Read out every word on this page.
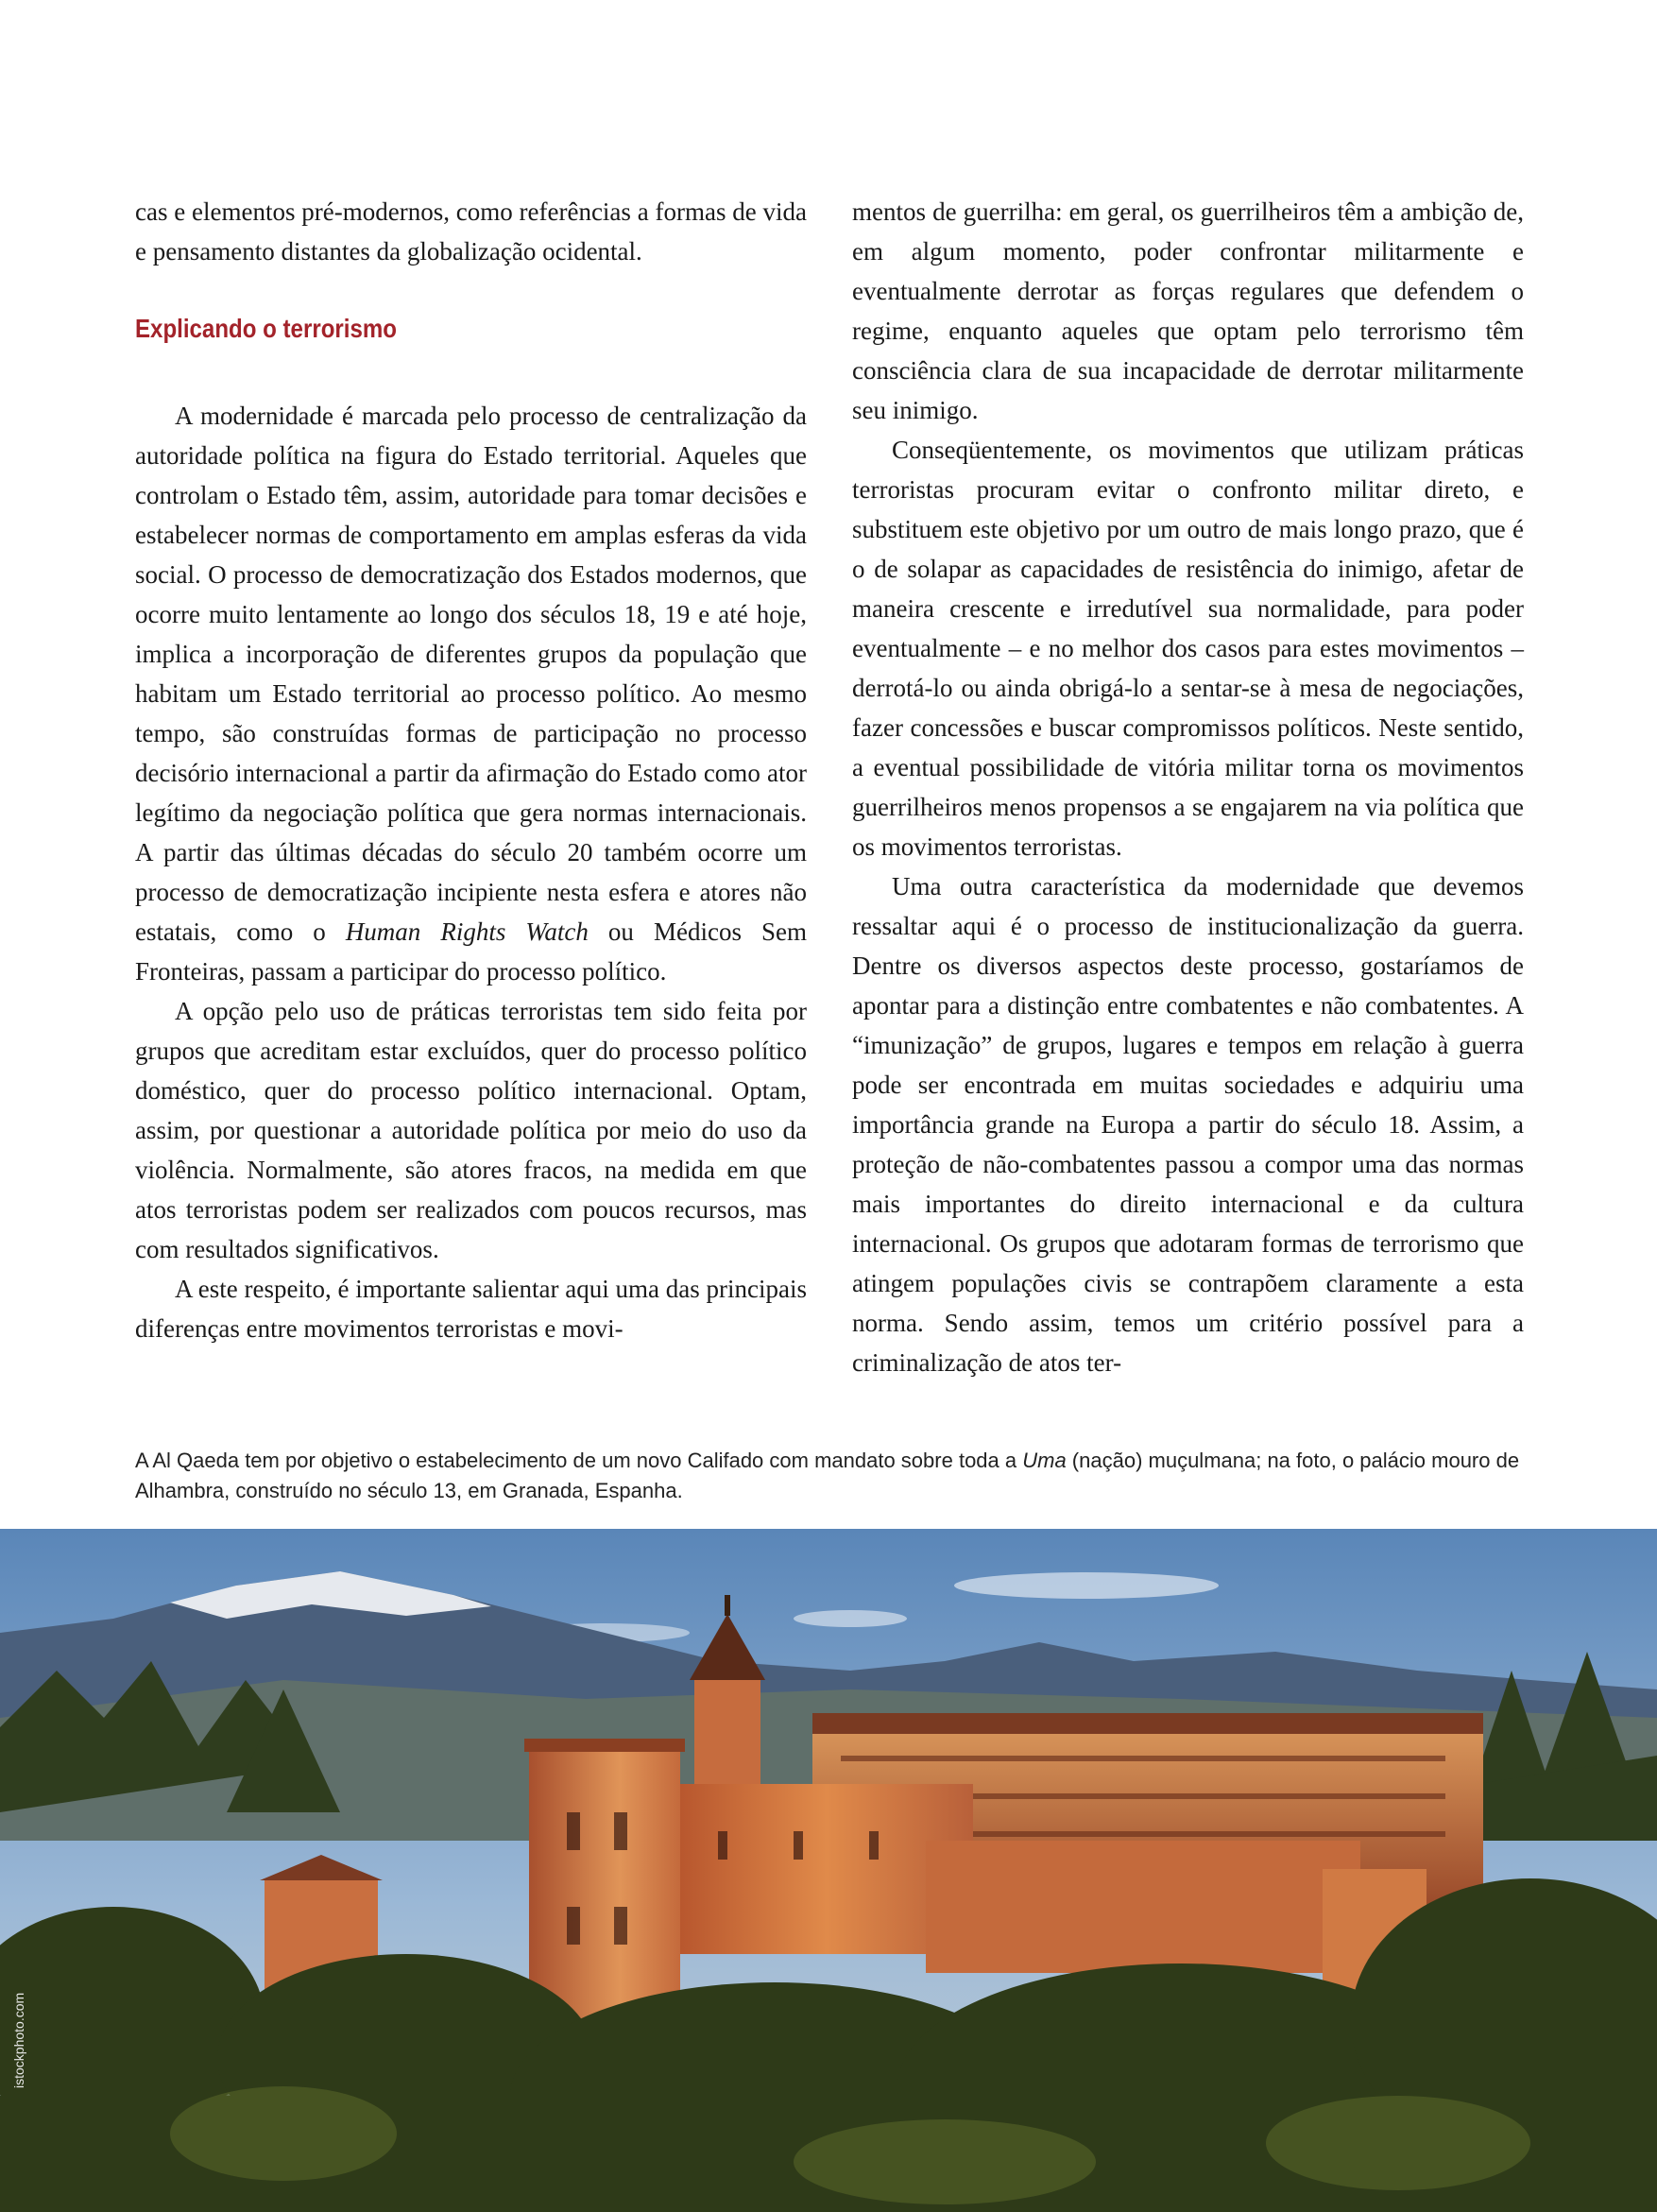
cas e elementos pré-modernos, como referências a formas de vida e pensamento distantes da globalização ocidental.

Explicando o terrorismo

A modernidade é marcada pelo processo de centralização da autoridade política na figura do Estado territorial. Aqueles que controlam o Estado têm, assim, autoridade para tomar decisões e estabelecer normas de comportamento em amplas esferas da vida social. O processo de democratização dos Estados modernos, que ocorre muito lentamente ao longo dos séculos 18, 19 e até hoje, implica a incorporação de diferentes grupos da população que habitam um Estado territorial ao processo político. Ao mesmo tempo, são construídas formas de participação no processo decisório internacional a partir da afirmação do Estado como ator legítimo da negociação política que gera normas internacionais. A partir das últimas décadas do século 20 também ocorre um processo de democratização incipiente nesta esfera e atores não estatais, como o Human Rights Watch ou Médicos Sem Fronteiras, passam a participar do processo político.

A opção pelo uso de práticas terroristas tem sido feita por grupos que acreditam estar excluídos, quer do processo político doméstico, quer do processo político internacional. Optam, assim, por questionar a autoridade política por meio do uso da violência. Normalmente, são atores fracos, na medida em que atos terroristas podem ser realizados com poucos recursos, mas com resultados significativos.

A este respeito, é importante salientar aqui uma das principais diferenças entre movimentos terroristas e movi-

mentos de guerrilha: em geral, os guerrilheiros têm a ambição de, em algum momento, poder confrontar militarmente e eventualmente derrotar as forças regulares que defendem o regime, enquanto aqueles que optam pelo terrorismo têm consciência clara de sua incapacidade de derrotar militarmente seu inimigo.

Conseqüentemente, os movimentos que utilizam práticas terroristas procuram evitar o confronto militar direto, e substituem este objetivo por um outro de mais longo prazo, que é o de solapar as capacidades de resistência do inimigo, afetar de maneira crescente e irredutível sua normalidade, para poder eventualmente – e no melhor dos casos para estes movimentos – derrotá-lo ou ainda obrigá-lo a sentar-se à mesa de negociações, fazer concessões e buscar compromissos políticos. Neste sentido, a eventual possibilidade de vitória militar torna os movimentos guerrilheiros menos propensos a se engajarem na via política que os movimentos terroristas.

Uma outra característica da modernidade que devemos ressaltar aqui é o processo de institucionalização da guerra. Dentre os diversos aspectos deste processo, gostaríamos de apontar para a distinção entre combatentes e não combatentes. A “imunização” de grupos, lugares e tempos em relação à guerra pode ser encontrada em muitas sociedades e adquiriu uma importância grande na Europa a partir do século 18. Assim, a proteção de não-combatentes passou a compor uma das normas mais importantes do direito internacional e da cultura internacional. Os grupos que adotaram formas de terrorismo que atingem populações civis se contrapõem claramente a esta norma. Sendo assim, temos um critério possível para a criminalização de atos ter-

A Al Qaeda tem por objetivo o estabelecimento de um novo Califado com mandato sobre toda a Uma (nação) muçulmana; na foto, o palácio mouro de Alhambra, construído no século 13, em Granada, Espanha.
istockphoto.com
